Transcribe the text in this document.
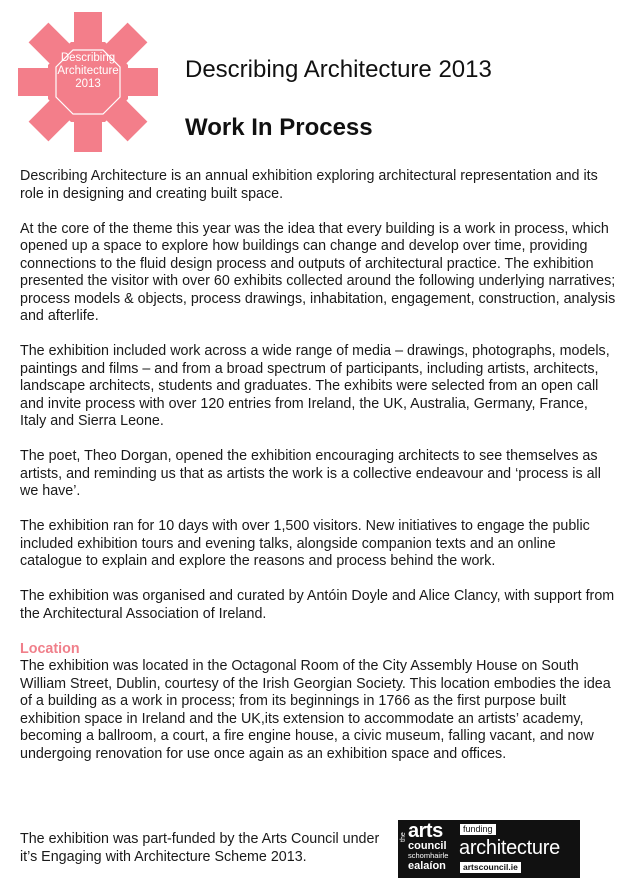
Describing
Architecture
2013
Describing Architecture 2013
Work In Process

Describing Architecture is an annual exhibition exploring architectural representation and its role in designing and creating built space.

At the core of the theme this year was the idea that every building is a work in process, which opened up a space to explore how buildings can change and develop over time, providing connections to the fluid design process and outputs of architectural practice. The exhibition presented the visitor with over 60 exhibits collected around the following underlying narratives; process models & objects, process drawings, inhabitation, engagement, construction, analysis and afterlife.

The exhibition included work across a wide range of media – drawings, photographs, models, paintings and films – and from a broad spectrum of participants, including artists, architects, landscape architects, students and graduates. The exhibits were selected from an open call and invite process with over 120 entries from Ireland, the UK, Australia, Germany, France, Italy and Sierra Leone.

The poet, Theo Dorgan, opened the exhibition encouraging architects to see themselves as artists, and reminding us that as artists the work is a collective endeavour and ‘process is all we have’.

The exhibition ran for 10 days with over 1,500 visitors. New initiatives to engage the public included exhibition tours and evening talks, alongside companion texts and an online catalogue to explain and explore the reasons and process behind the work.

The exhibition was organised and curated by Antóin Doyle and Alice Clancy, with support from the Architectural Association of Ireland.

Location

The exhibition was located in the Octagonal Room of the City Assembly House on South William Street, Dublin, courtesy of the Irish Georgian Society. This location embodies the idea of a building as a work in process; from its beginnings in 1766 as the first purpose built exhibition space in Ireland and the UK,its extension to accommodate an artists’ academy, becoming a ballroom, a court, a fire engine house, a civic museum, falling vacant, and now undergoing renovation for use once again as an exhibition space and offices.

The exhibition was part-funded by the Arts Council under it’s Engaging with Architecture Scheme 2013.

the arts
council
schomhairle
ealaíon
funding
architecture
artscouncil.ie
